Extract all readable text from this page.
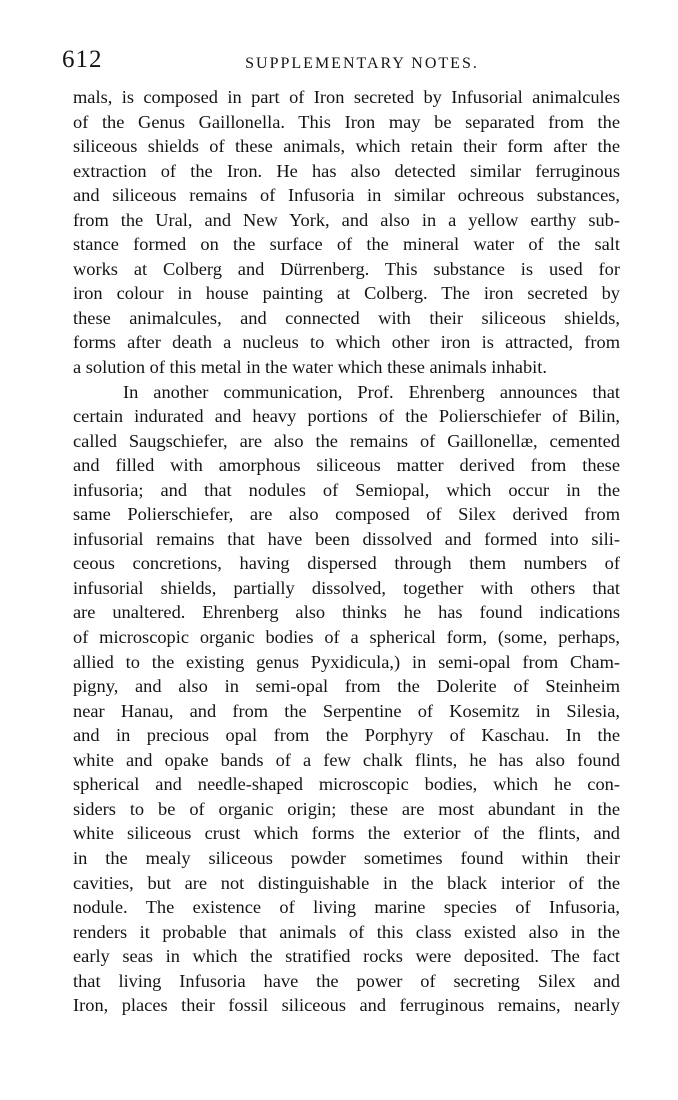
612	SUPPLEMENTARY NOTES.
mals, is composed in part of Iron secreted by Infusorial animalcules
of the Genus Gaillonella. This Iron may be separated from the
siliceous shields of these animals, which retain their form after the
extraction of the Iron. He has also detected similar ferruginous
and siliceous remains of Infusoria in similar ochreous substances,
from the Ural, and New York, and also in a yellow earthy sub-
stance formed on the surface of the mineral water of the salt
works at Colberg and Dürrenberg. This substance is used for
iron colour in house painting at Colberg. The iron secreted by
these animalcules, and connected with their siliceous shields,
forms after death a nucleus to which other iron is attracted, from
a solution of this metal in the water which these animals inhabit.
In another communication, Prof. Ehrenberg announces that
certain indurated and heavy portions of the Polierschiefer of Bilin,
called Saugschiefer, are also the remains of Gaillonellæ, cemented
and filled with amorphous siliceous matter derived from these
infusoria; and that nodules of Semiopal, which occur in the
same Polierschiefer, are also composed of Silex derived from
infusorial remains that have been dissolved and formed into sili-
ceous concretions, having dispersed through them numbers of
infusorial shields, partially dissolved, together with others that
are unaltered. Ehrenberg also thinks he has found indications
of microscopic organic bodies of a spherical form, (some, perhaps,
allied to the existing genus Pyxidicula,) in semi-opal from Cham-
pigny, and also in semi-opal from the Dolerite of Steinheim
near Hanau, and from the Serpentine of Kosemitz in Silesia,
and in precious opal from the Porphyry of Kaschau. In the
white and opake bands of a few chalk flints, he has also found
spherical and needle-shaped microscopic bodies, which he con-
siders to be of organic origin; these are most abundant in the
white siliceous crust which forms the exterior of the flints, and
in the mealy siliceous powder sometimes found within their
cavities, but are not distinguishable in the black interior of the
nodule. The existence of living marine species of Infusoria,
renders it probable that animals of this class existed also in the
early seas in which the stratified rocks were deposited. The fact
that living Infusoria have the power of secreting Silex and
Iron, places their fossil siliceous and ferruginous remains, nearly
